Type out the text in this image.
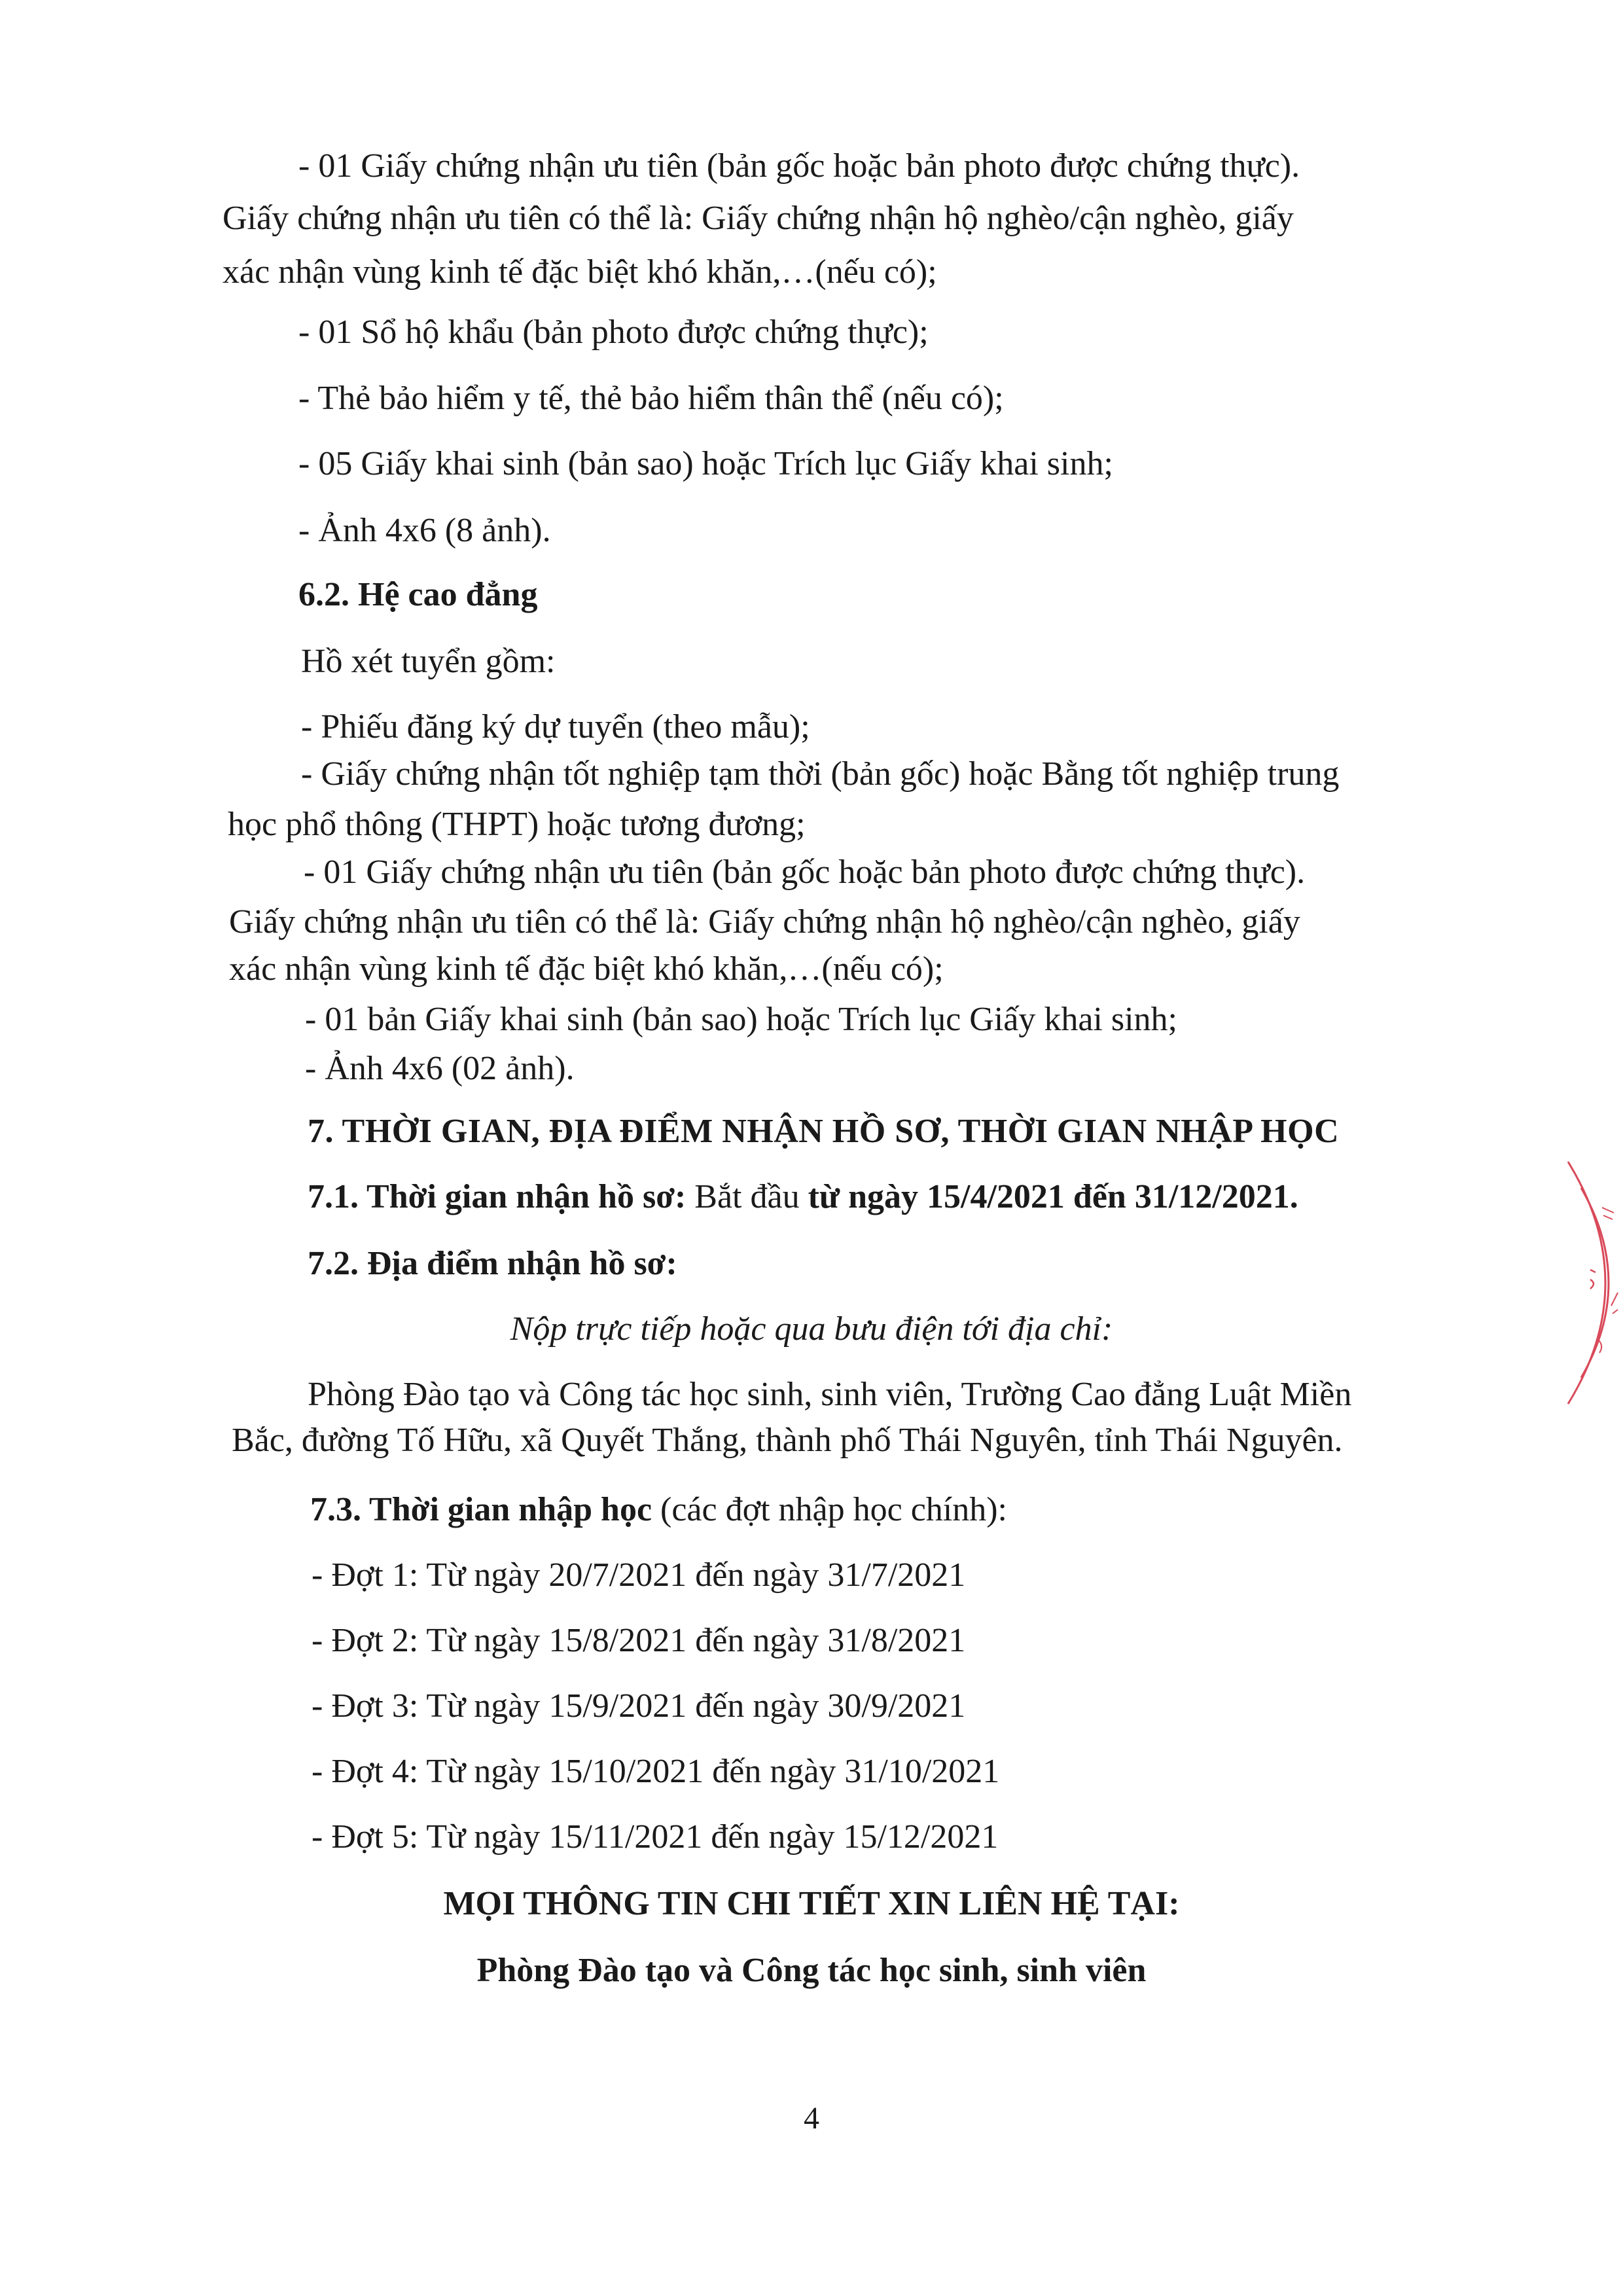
- 01 Giấy chứng nhận ưu tiên (bản gốc hoặc bản photo được chứng thực).
Giấy chứng nhận ưu tiên có thể là: Giấy chứng nhận hộ nghèo/cận nghèo, giấy
xác nhận vùng kinh tế đặc biệt khó khăn,…(nếu có);
- 01 Sổ hộ khẩu (bản photo được chứng thực);
- Thẻ bảo hiểm y tế, thẻ bảo hiểm thân thể (nếu có);
- 05 Giấy khai sinh (bản sao) hoặc Trích lục Giấy khai sinh;
- Ảnh 4x6 (8 ảnh).
6.2. Hệ cao đẳng
Hồ xét tuyển gồm:
- Phiếu đăng ký dự tuyển (theo mẫu);
- Giấy chứng nhận tốt nghiệp tạm thời (bản gốc) hoặc Bằng tốt nghiệp trung
học phổ thông (THPT) hoặc tương đương;
- 01 Giấy chứng nhận ưu tiên (bản gốc hoặc bản photo được chứng thực).
Giấy chứng nhận ưu tiên có thể là: Giấy chứng nhận hộ nghèo/cận nghèo, giấy
xác nhận vùng kinh tế đặc biệt khó khăn,…(nếu có);
- 01 bản Giấy khai sinh (bản sao) hoặc Trích lục Giấy khai sinh;
- Ảnh 4x6 (02 ảnh).
7. THỜI GIAN, ĐỊA ĐIỂM NHẬN HỒ SƠ, THỜI GIAN NHẬP HỌC
7.1. Thời gian nhận hồ sơ: Bắt đầu từ ngày 15/4/2021 đến 31/12/2021.
7.2. Địa điểm nhận hồ sơ:
Nộp trực tiếp hoặc qua bưu điện tới địa chỉ:
Phòng Đào tạo và Công tác học sinh, sinh viên, Trường Cao đẳng Luật Miền
Bắc, đường Tố Hữu, xã Quyết Thắng, thành phố Thái Nguyên, tỉnh Thái Nguyên.
7.3. Thời gian nhập học (các đợt nhập học chính):
- Đợt 1: Từ ngày 20/7/2021 đến ngày 31/7/2021
- Đợt 2: Từ ngày 15/8/2021 đến ngày 31/8/2021
- Đợt 3: Từ ngày 15/9/2021 đến ngày 30/9/2021
- Đợt 4: Từ ngày 15/10/2021 đến ngày 31/10/2021
- Đợt 5: Từ ngày 15/11/2021 đến ngày 15/12/2021
MỌI THÔNG TIN CHI TIẾT XIN LIÊN HỆ TẠI:
Phòng Đào tạo và Công tác học sinh, sinh viên
4
